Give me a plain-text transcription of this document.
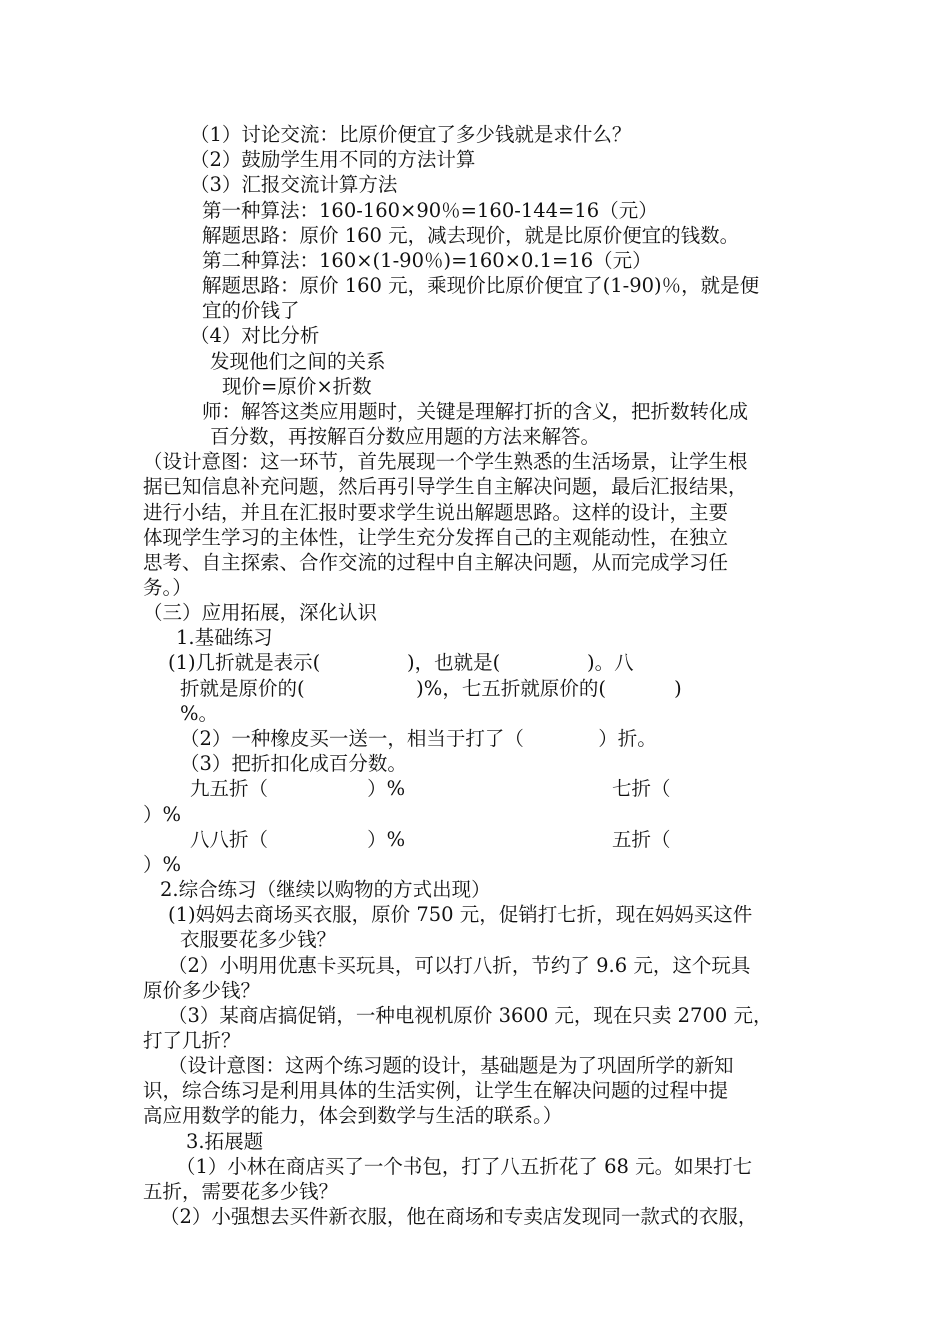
（1）讨论交流：比原价便宜了多少钱就是求什么？
（2）鼓励学生用不同的方法计算
（3）汇报交流计算方法
第一种算法：160-160×90％=160-144=16（元）
解题思路：原价 160 元，减去现价，就是比原价便宜的钱数。
第二种算法：160×(1-90％)=160×0.1=16（元）
解题思路：原价 160 元，乘现价比原价便宜了(1-90)％，就是便
宜的价钱了
（4）对比分析
发现他们之间的关系
现价=原价×折数
师：解答这类应用题时，关键是理解打折的含义，把折数转化成
百分数，再按解百分数应用题的方法来解答。
（设计意图：这一环节，首先展现一个学生熟悉的生活场景，让学生根
据已知信息补充问题，然后再引导学生自主解决问题，最后汇报结果，
进行小结，并且在汇报时要求学生说出解题思路。这样的设计，主要
体现学生学习的主体性，让学生充分发挥自己的主观能动性，在独立
思考、自主探索、合作交流的过程中自主解决问题，从而完成学习任
务。）
（三）应用拓展，深化认识
1.基础练习
(1)几折就是表示(              )，也就是(              )。八
折就是原价的(                  )%，七五折就原价的(           )
%。
（2）一种橡皮买一送一，相当于打了（            ）折。
（3）把折扣化成百分数。
九五折（                ）%	七折（
）%
八八折（                ）%	五折（
）%
2.综合练习（继续以购物的方式出现）
(1)妈妈去商场买衣服，原价 750 元，促销打七折，现在妈妈买这件
衣服要花多少钱？
（2）小明用优惠卡买玩具，可以打八折，节约了 9.6 元，这个玩具
原价多少钱？
（3）某商店搞促销，一种电视机原价 3600 元，现在只卖 2700 元，
打了几折？
（设计意图：这两个练习题的设计，基础题是为了巩固所学的新知
识，综合练习是利用具体的生活实例，让学生在解决问题的过程中提
高应用数学的能力，体会到数学与生活的联系。）
3.拓展题
（1）小林在商店买了一个书包，打了八五折花了 68 元。如果打七
五折，需要花多少钱？
（2）小强想去买件新衣服，他在商场和专卖店发现同一款式的衣服，
